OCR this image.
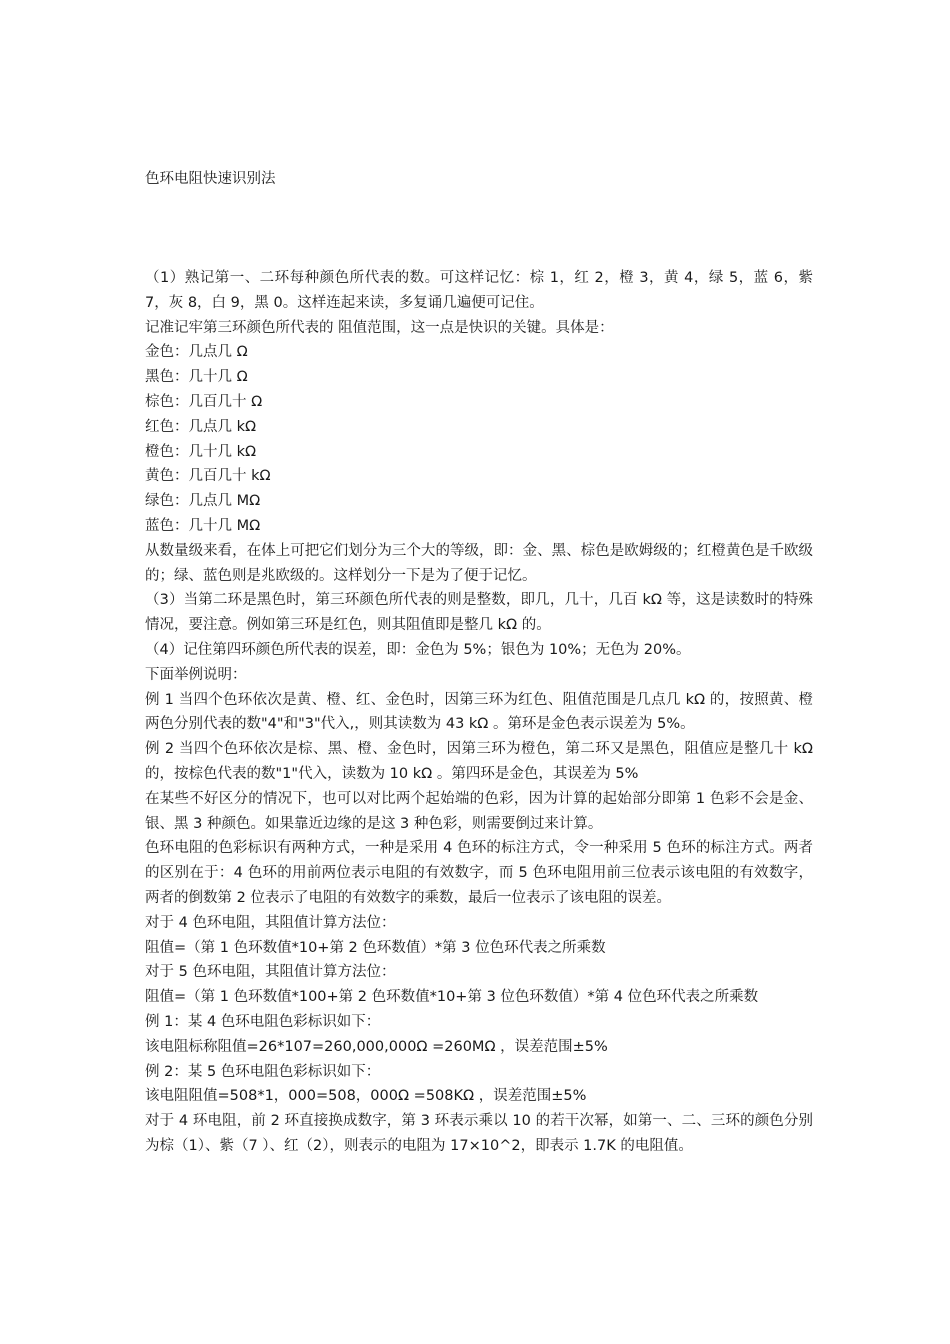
色环电阻快速识别法

（1）熟记第一、二环每种颜色所代表的数。可这样记忆：棕 1，红 2，橙 3，黄 4，绿 5，蓝 6，紫 7，灰 8，白 9，黑 0。这样连起来读，多复诵几遍便可记住。

记准记牢第三环颜色所代表的 阻值范围，这一点是快识的关键。具体是：

金色：几点几 Ω

黑色：几十几 Ω

棕色：几百几十 Ω

红色：几点几 kΩ

橙色：几十几 kΩ

黄色：几百几十 kΩ

绿色：几点几 MΩ

蓝色：几十几 MΩ

从数量级来看，在体上可把它们划分为三个大的等级，即：金、黑、棕色是欧姆级的；红橙黄色是千欧级的；绿、蓝色则是兆欧级的。这样划分一下是为了便于记忆。

（3）当第二环是黑色时，第三环颜色所代表的则是整数，即几，几十，几百 kΩ 等，这是读数时的特殊情况，要注意。例如第三环是红色，则其阻值即是整几 kΩ 的。

（4）记住第四环颜色所代表的误差，即：金色为 5%；银色为 10%；无色为 20%。

下面举例说明：

例 1 当四个色环依次是黄、橙、红、金色时，因第三环为红色、阻值范围是几点几 kΩ 的，按照黄、橙两色分别代表的数"4"和"3"代入,，则其读数为 43 kΩ 。第环是金色表示误差为 5%。

例 2 当四个色环依次是棕、黑、橙、金色时，因第三环为橙色，第二环又是黑色，阻值应是整几十 kΩ 的，按棕色代表的数"1"代入，读数为 10 kΩ 。第四环是金色，其误差为 5%

在某些不好区分的情况下，也可以对比两个起始端的色彩，因为计算的起始部分即第 1 色彩不会是金、银、黑 3 种颜色。如果靠近边缘的是这 3 种色彩，则需要倒过来计算。

色环电阻的色彩标识有两种方式，一种是采用 4 色环的标注方式，令一种采用 5 色环的标注方式。两者的区别在于：4 色环的用前两位表示电阻的有效数字，而 5 色环电阻用前三位表示该电阻的有效数字，两者的倒数第 2 位表示了电阻的有效数字的乘数，最后一位表示了该电阻的误差。

对于 4 色环电阻，其阻值计算方法位：

阻值=（第 1 色环数值*10+第 2 色环数值）*第 3 位色环代表之所乘数

对于 5 色环电阻，其阻值计算方法位：

阻值=（第 1 色环数值*100+第 2 色环数值*10+第 3 位色环数值）*第 4 位色环代表之所乘数

例 1：某 4 色环电阻色彩标识如下：

该电阻标称阻值=26*107=260,000,000Ω =260MΩ ，误差范围±5%

例 2：某 5 色环电阻色彩标识如下：

该电阻阻值=508*1，000=508，000Ω =508KΩ ，误差范围±5%

对于 4 环电阻，前 2 环直接换成数字，第 3 环表示乘以 10 的若干次幂，如第一、二、三环的颜色分别为棕（1）、紫（7 ）、红（2），则表示的电阻为 17×10^2，即表示 1.7K 的电阻值。
